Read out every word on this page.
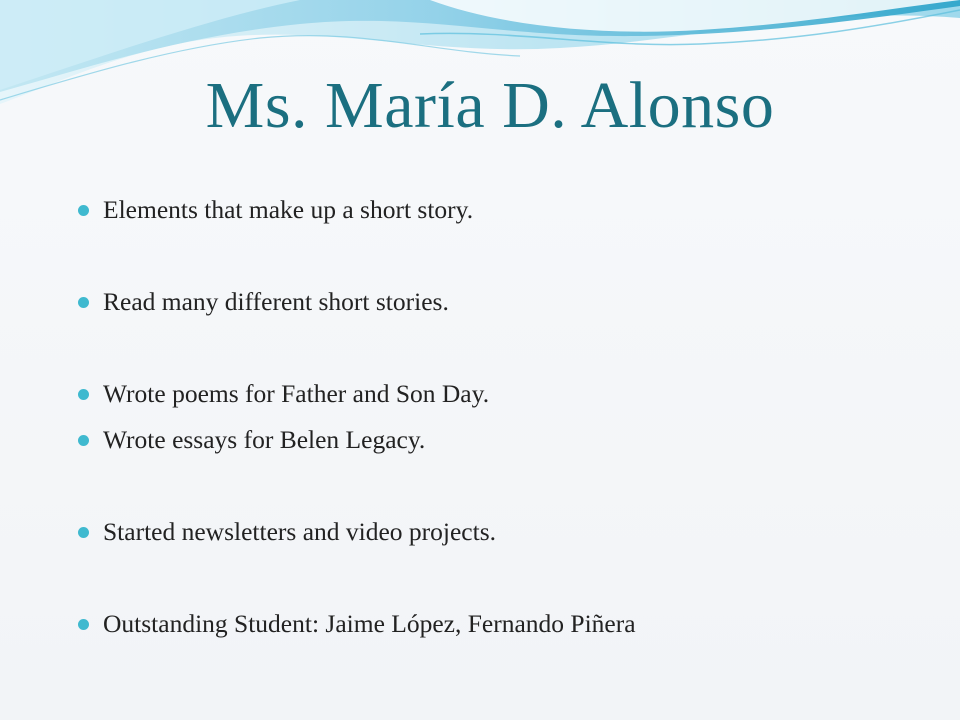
Ms. María D. Alonso
Elements that make up a short story.
Read many different short stories.
Wrote poems for Father and Son Day.
Wrote essays for Belen Legacy.
Started newsletters and video projects.
Outstanding Student: Jaime López, Fernando Piñera
